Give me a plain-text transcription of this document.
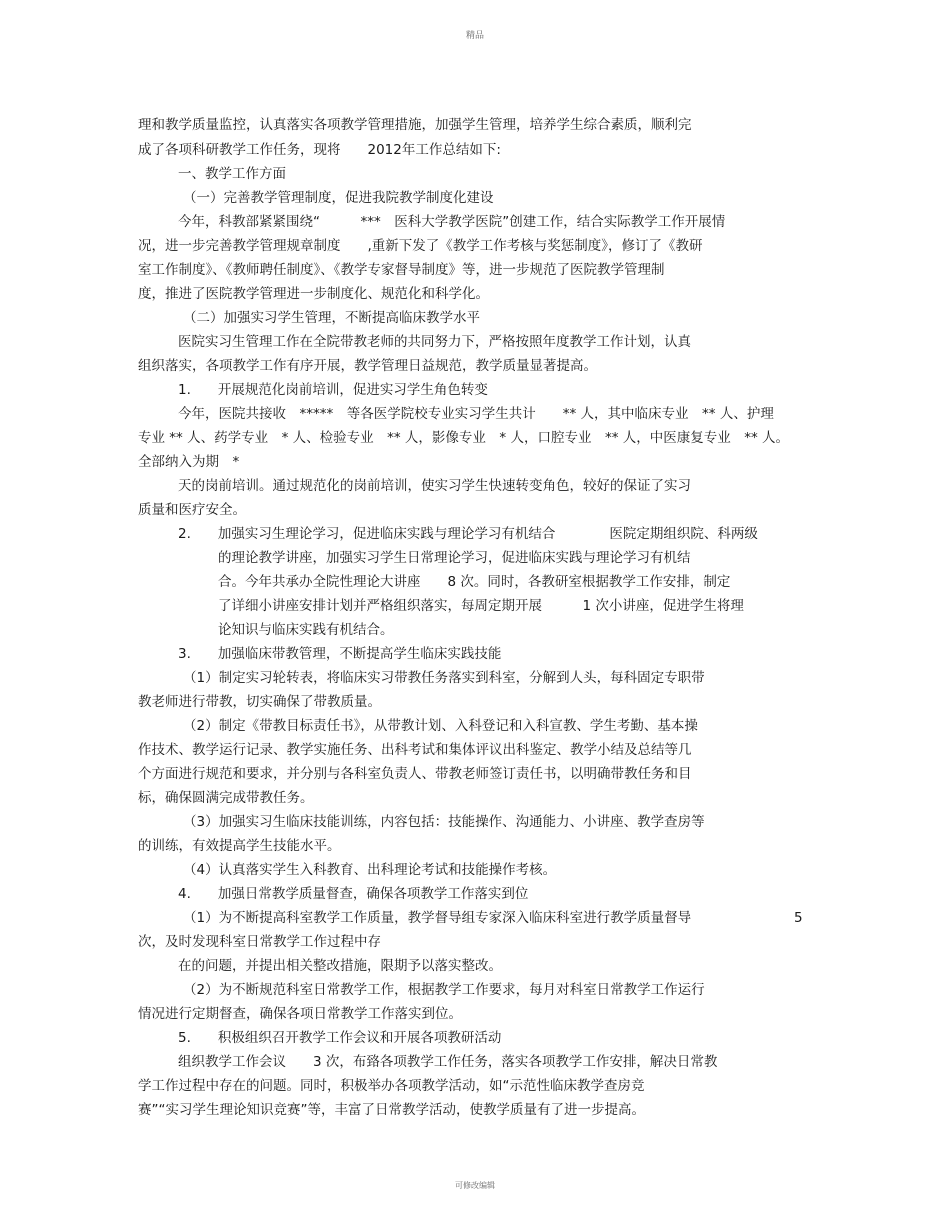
精品
理和教学质量监控，认真落实各项教学管理措施，加强学生管理，培养学生综合素质，顺利完
成了各项科研教学工作任务，现将　　2012年工作总结如下:
一、教学工作方面
（一）完善教学管理制度，促进我院教学制度化建设
今年，科教部紧紧围绕“　　　***　医科大学教学医院”创建工作，结合实际教学工作开展情
况，进一步完善教学管理规章制度　　,重新下发了《教学工作考核与奖惩制度》，修订了《教研
室工作制度》、《教师聘任制度》、《教学专家督导制度》等，进一步规范了医院教学管理制
度，推进了医院教学管理进一步制度化、规范化和科学化。
（二）加强实习学生管理，不断提高临床教学水平
医院实习生管理工作在全院带教老师的共同努力下，严格按照年度教学工作计划，认真
组织落实，各项教学工作有序开展，教学管理日益规范，教学质量显著提高。
1.　　开展规范化岗前培训，促进实习学生角色转变
今年，医院共接收　*****　等各医学院校专业实习学生共计　　** 人，其中临床专业　** 人、护理
专业 ** 人、药学专业　* 人、检验专业　** 人，影像专业　* 人，口腔专业　** 人，中医康复专业　** 人。
全部纳入为期　*
天的岗前培训。通过规范化的岗前培训，使实习学生快速转变角色，较好的保证了实习
质量和医疗安全。
2.　　加强实习生理论学习，促进临床实践与理论学习有机结合　　　　医院定期组织院、科两级
的理论教学讲座，加强实习学生日常理论学习，促进临床实践与理论学习有机结
合。今年共承办全院性理论大讲座　　8 次。同时，各教研室根据教学工作安排，制定
了详细小讲座安排计划并严格组织落实，每周定期开展　　　1 次小讲座，促进学生将理
论知识与临床实践有机结合。
3.　　加强临床带教管理，不断提高学生临床实践技能
（1）制定实习轮转表，将临床实习带教任务落实到科室，分解到人头，每科固定专职带
教老师进行带教，切实确保了带教质量。
（2）制定《带教目标责任书》，从带教计划、入科登记和入科宣教、学生考勤、基本操
作技术、教学运行记录、教学实施任务、出科考试和集体评议出科鉴定、教学小结及总结等几
个方面进行规范和要求，并分别与各科室负责人、带教老师签订责任书，以明确带教任务和目
标，确保圆满完成带教任务。
（3）加强实习生临床技能训练，内容包括：技能操作、沟通能力、小讲座、教学查房等
的训练，有效提高学生技能水平。
（4）认真落实学生入科教育、出科理论考试和技能操作考核。
4.　　加强日常教学质量督查，确保各项教学工作落实到位
（1）为不断提高科室教学工作质量，教学督导组专家深入临床科室进行教学质量督导	5
次，及时发现科室日常教学工作过程中存
在的问题，并提出相关整改措施，限期予以落实整改。
（2）为不断规范科室日常教学工作，根据教学工作要求，每月对科室日常教学工作运行
情况进行定期督查，确保各项日常教学工作落实到位。
5.　　积极组织召开教学工作会议和开展各项教研活动
组织教学工作会议　　3 次，布臵各项教学工作任务，落实各项教学工作安排，解决日常教
学工作过程中存在的问题。同时，积极举办各项教学活动，如“示范性临床教学查房竞
赛”“实习学生理论知识竞赛”等，丰富了日常教学活动，使教学质量有了进一步提高。
可修改编辑
